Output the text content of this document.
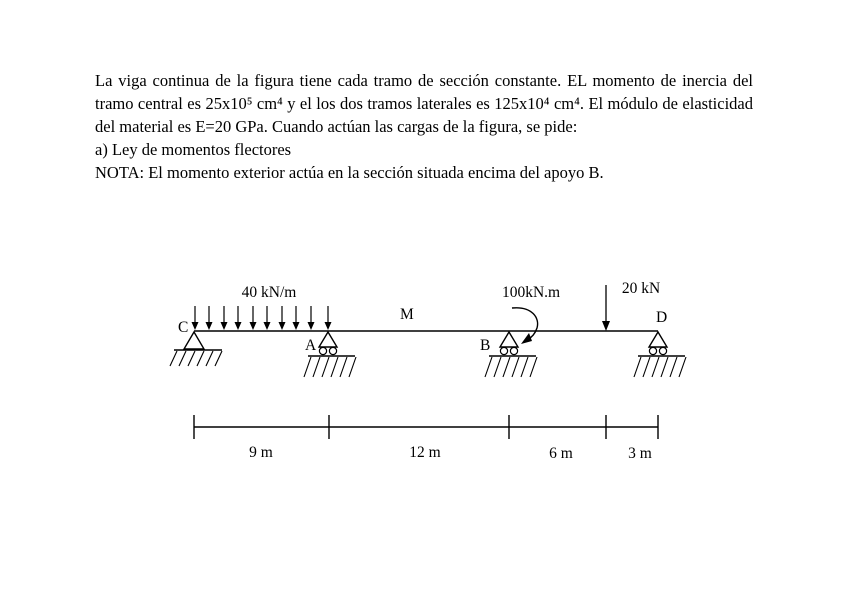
La viga continua de la figura tiene cada tramo de sección constante. EL momento de inercia del tramo central es 25x10⁵ cm⁴ y el los dos tramos laterales es 125x10⁴ cm⁴. El módulo de elasticidad del material es E=20 GPa. Cuando actúan las cargas de la figura, se pide:

a) Ley de momentos flectores

NOTA: El momento exterior actúa en la sección situada encima del apoyo B.

40 kN/m
C
A
M
B
100kN.m	20 kN
D
9 m	12 m	6 m	3 m
